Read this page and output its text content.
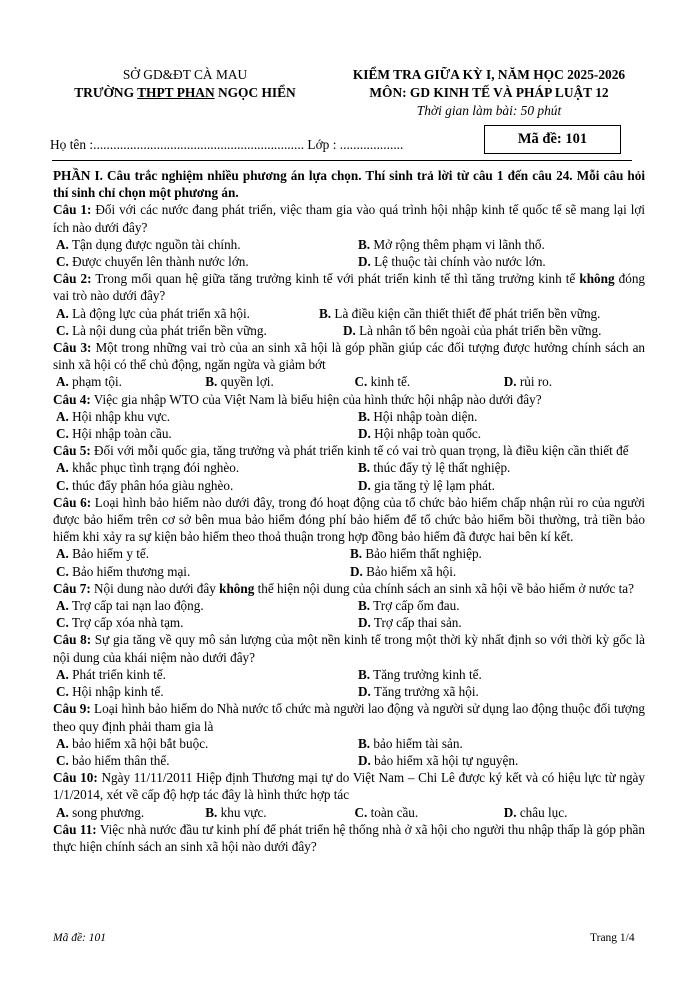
SỞ GD&ĐT CÀ MAU
TRƯỜNG THPT PHAN NGỌC HIỂN
KIỂM TRA GIỮA KỲ I, NĂM HỌC 2025-2026
MÔN: GD KINH TẾ VÀ PHÁP LUẬT 12
Thời gian làm bài: 50 phút
Họ tên :............................................................... Lớp : ...................	Mã đề: 101

PHẦN I. Câu trắc nghiệm nhiều phương án lựa chọn. Thí sinh trả lời từ câu 1 đến câu 24. Mỗi câu hỏi thí sinh chỉ chọn một phương án.

Câu 1: Đối với các nước đang phát triển, việc tham gia vào quá trình hội nhập kinh tế quốc tế sẽ mang lại lợi ích nào dưới đây?

A. Tận dụng được nguồn tài chính.	B. Mở rộng thêm phạm vi lãnh thổ.
C. Được chuyển lên thành nước lớn.	D. Lệ thuộc tài chính vào nước lớn.

Câu 2: Trong mối quan hệ giữa tăng trưởng kinh tế với phát triển kinh tế thì tăng trưởng kinh tế không đóng vai trò nào dưới đây?

A. Là động lực của phát triển xã hội.	B. Là điều kiện cần thiết thiết để phát triển bền vững.
C. Là nội dung của phát triển bền vững.	D. Là nhân tố bên ngoài của phát triển bền vững.

Câu 3: Một trong những vai trò của an sinh xã hội là góp phần giúp các đối tượng được hưởng chính sách an sinh xã hội có thể chủ động, ngăn ngừa và giảm bớt

A. phạm tội.	B. quyền lợi.	C. kinh tế.	D. rủi ro.

Câu 4: Việc gia nhập WTO của Việt Nam là biểu hiện của hình thức hội nhập nào dưới đây?

A. Hội nhập khu vực.	B. Hội nhập toàn diện.
C. Hội nhập toàn cầu.	D. Hội nhập toàn quốc.

Câu 5: Đối với mỗi quốc gia, tăng trưởng và phát triển kinh tế có vai trò quan trọng, là điều kiện cần thiết để

A. khắc phục tình trạng đói nghèo.	B. thúc đẩy tỷ lệ thất nghiệp.
C. thúc đẩy phân hóa giàu nghèo.	D. gia tăng tỷ lệ lạm phát.

Câu 6: Loại hình bảo hiểm nào dưới đây, trong đó hoạt động của tổ chức bảo hiểm chấp nhận rủi ro của người được bảo hiểm trên cơ sở bên mua bảo hiểm đóng phí bảo hiểm để tổ chức bảo hiểm bồi thường, trả tiền bảo hiểm khi xảy ra sự kiện bảo hiểm theo thoả thuận trong hợp đồng bảo hiểm đã được hai bên kí kết.

A. Bảo hiểm y tế.	B. Bảo hiểm thất nghiệp.
C. Bảo hiểm thương mại.	D. Bảo hiểm xã hội.

Câu 7: Nội dung nào dưới đây không thể hiện nội dung của chính sách an sinh xã hội về bảo hiểm ở nước ta?

A. Trợ cấp tai nạn lao động.	B. Trợ cấp ốm đau.
C. Trợ cấp xóa nhà tạm.	D. Trợ cấp thai sản.

Câu 8: Sự gia tăng về quy mô sản lượng của một nền kinh tế trong một thời kỳ nhất định so với thời kỳ gốc là nội dung của khái niệm nào dưới đây?

A. Phát triển kinh tế.	B. Tăng trưởng kinh tế.
C. Hội nhập kinh tế.	D. Tăng trưởng xã hội.

Câu 9: Loại hình bảo hiểm do Nhà nước tổ chức mà người lao động và người sử dụng lao động thuộc đối tượng theo quy định phải tham gia là

A. bảo hiểm xã hội bắt buộc.	B. bảo hiểm tài sản.
C. bảo hiểm thân thể.	D. bảo hiểm xã hội tự nguyện.

Câu 10: Ngày 11/11/2011 Hiệp định Thương mại tự do Việt Nam – Chi Lê được ký kết và có hiệu lực từ ngày 1/1/2014, xét về cấp độ hợp tác đây là hình thức hợp tác

A. song phương.	B. khu vực.	C. toàn cầu.	D. châu lục.

Câu 11: Việc nhà nước đầu tư kinh phí để phát triển hệ thống nhà ở xã hội cho người thu nhập thấp là góp phần thực hiện chính sách an sinh xã hội nào dưới đây?

Mã đề: 101	Trang 1/4
